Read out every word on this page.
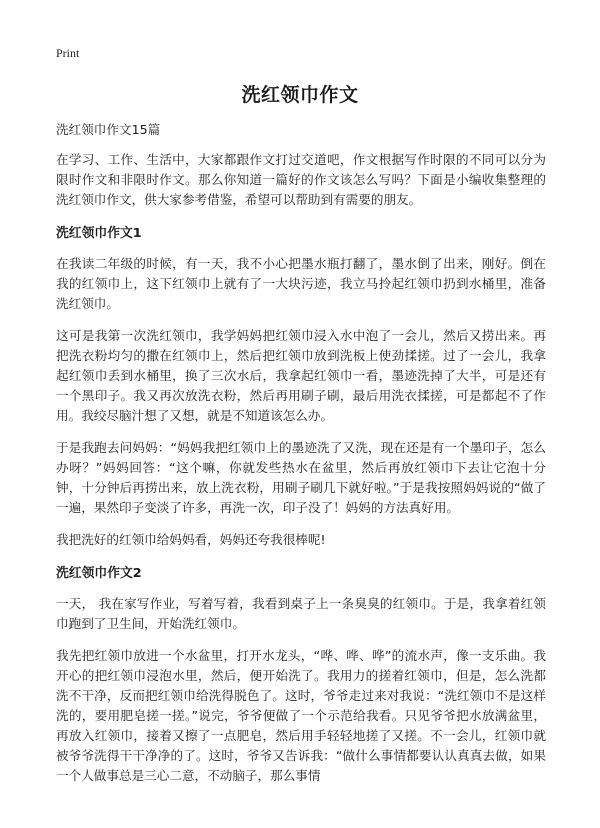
Print
洗红领巾作文
洗红领巾作文15篇

在学习、工作、生活中，大家都跟作文打过交道吧，作文根据写作时限的不同可以分为限时作文和非限时作文。那么你知道一篇好的作文该怎么写吗？下面是小编收集整理的洗红领巾作文，供大家参考借鉴，希望可以帮助到有需要的朋友。

洗红领巾作文1

在我读二年级的时候，有一天，我不小心把墨水瓶打翻了，墨水倒了出来，刚好。倒在我的红领巾上，这下红领巾上就有了一大块污迹，我立马拎起红领巾扔到水桶里，准备洗红领巾。

这可是我第一次洗红领巾，我学妈妈把红领巾浸入水中泡了一会儿，然后又捞出来。再把洗衣粉均匀的撒在红领巾上，然后把红领巾放到洗板上使劲揉搓。过了一会儿，我拿起红领巾丢到水桶里，换了三次水后，我拿起红领巾一看，墨迹洗掉了大半，可是还有一个黑印子。我又再次放洗衣粉，然后再用刷子刷，最后用洗衣揉搓，可是都起不了作用。我绞尽脑汁想了又想，就是不知道该怎么办。

于是我跑去问妈妈：“妈妈我把红领巾上的墨迹洗了又洗，现在还是有一个墨印子，怎么办呀？”妈妈回答：“这个嘛，你就发些热水在盆里，然后再放红领巾下去让它泡十分钟，十分钟后再捞出来，放上洗衣粉，用刷子刷几下就好啦。”于是我按照妈妈说的“做了一遍，果然印子变淡了许多，再洗一次，印子没了！妈妈的方法真好用。

我把洗好的红领巾给妈妈看，妈妈还夸我很棒呢!

洗红领巾作文2

一天， 我在家写作业，写着写着，我看到桌子上一条臭臭的红领巾。于是，我拿着红领巾跑到了卫生间，开始洗红领巾。

我先把红领巾放进一个水盆里，打开水龙头，“哗、哗、哗”的流水声，像一支乐曲。我开心的把红领巾浸泡水里，然后，便开始洗了。我用力的搓着红领巾，但是，怎么洗都洗不干净，反而把红领巾给洗得脱色了。这时，爷爷走过来对我说：“洗红领巾不是这样洗的，要用肥皂搓一搓。”说完，爷爷便做了一个示范给我看。只见爷爷把水放满盆里，再放入红领巾，接着又擦了一点肥皂，然后用手轻轻地搓了又搓。不一会儿，红领巾就被爷爷洗得干干净净的了。这时，爷爷又告诉我：“做什么事情都要认认真真去做，如果一个人做事总是三心二意，不动脑子，那么事情
